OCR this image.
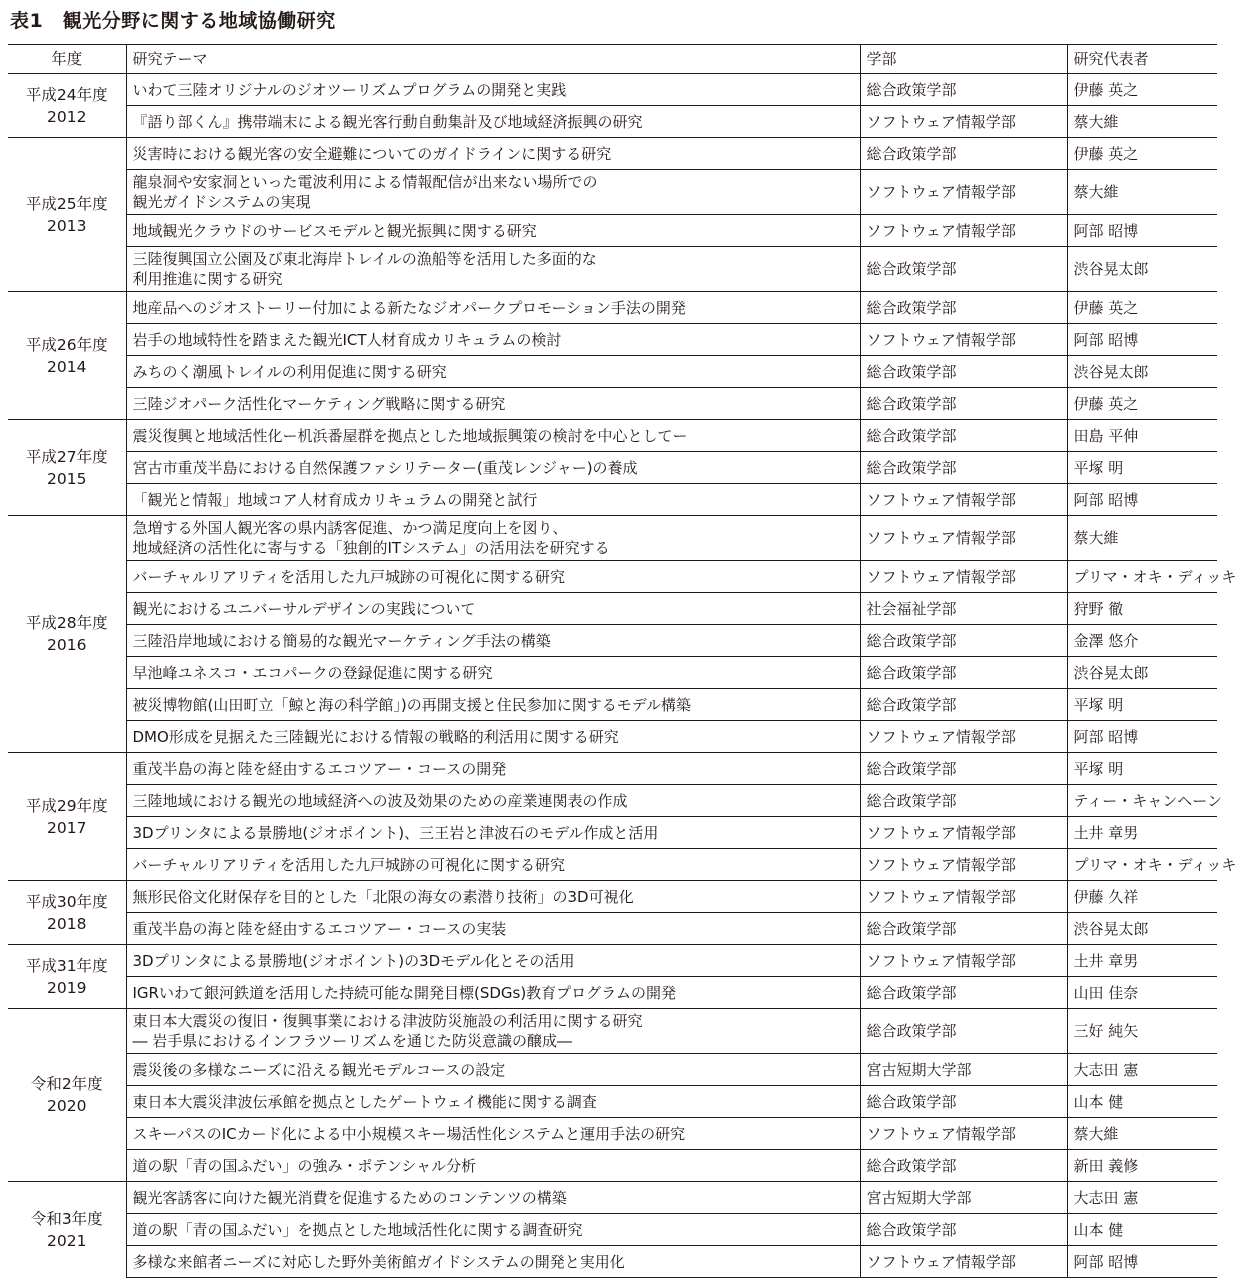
表1　観光分野に関する地域協働研究
年度	研究テーマ	学部	研究代表者

平成24年度
2012	いわて三陸オリジナルのジオツーリズムプログラムの開発と実践	総合政策学部	伊藤 英之

	『語り部くん』携帯端末による観光客行動自動集計及び地域経済振興の研究	ソフトウェア情報学部	蔡大維

平成25年度
2013	災害時における観光客の安全避難についてのガイドラインに関する研究	総合政策学部	伊藤 英之

	龍泉洞や安家洞といった電波利用による情報配信が出来ない場所での
観光ガイドシステムの実現	ソフトウェア情報学部	蔡大維

	地域観光クラウドのサービスモデルと観光振興に関する研究	ソフトウェア情報学部	阿部 昭博

	三陸復興国立公園及び東北海岸トレイルの漁船等を活用した多面的な
利用推進に関する研究	総合政策学部	渋谷晃太郎

平成26年度
2014	地産品へのジオストーリー付加による新たなジオパークプロモーション手法の開発	総合政策学部	伊藤 英之

	岩手の地域特性を踏まえた観光ICT人材育成カリキュラムの検討	ソフトウェア情報学部	阿部 昭博

	みちのく潮風トレイルの利用促進に関する研究	総合政策学部	渋谷晃太郎

	三陸ジオパーク活性化マーケティング戦略に関する研究	総合政策学部	伊藤 英之

平成27年度
2015	震災復興と地域活性化ー机浜番屋群を拠点とした地域振興策の検討を中心としてー	総合政策学部	田島 平伸

	宮古市重茂半島における自然保護ファシリテーター(重茂レンジャー)の養成	総合政策学部	平塚 明

	「観光と情報」地域コア人材育成カリキュラムの開発と試行	ソフトウェア情報学部	阿部 昭博

平成28年度
2016	急増する外国人観光客の県内誘客促進、かつ満足度向上を図り、
地域経済の活性化に寄与する「独創的ITシステム」の活用法を研究する	ソフトウェア情報学部	蔡大維

	バーチャルリアリティを活用した九戸城跡の可視化に関する研究	ソフトウェア情報学部	プリマ・オキ・ディッキ

	観光におけるユニバーサルデザインの実践について	社会福祉学部	狩野 徹

	三陸沿岸地域における簡易的な観光マーケティング手法の構築	総合政策学部	金澤 悠介

	早池峰ユネスコ・エコパークの登録促進に関する研究	総合政策学部	渋谷晃太郎

	被災博物館(山田町立「鯨と海の科学館」)の再開支援と住民参加に関するモデル構築	総合政策学部	平塚 明

	DMO形成を見据えた三陸観光における情報の戦略的利活用に関する研究	ソフトウェア情報学部	阿部 昭博

平成29年度
2017	重茂半島の海と陸を経由するエコツアー・コースの開発	総合政策学部	平塚 明

	三陸地域における観光の地域経済への波及効果のための産業連関表の作成	総合政策学部	ティー・キャンヘーン

	3Dプリンタによる景勝地(ジオポイント)、三王岩と津波石のモデル作成と活用	ソフトウェア情報学部	土井 章男

	バーチャルリアリティを活用した九戸城跡の可視化に関する研究	ソフトウェア情報学部	プリマ・オキ・ディッキ

平成30年度
2018	無形民俗文化財保存を目的とした「北限の海女の素潜り技術」の3D可視化	ソフトウェア情報学部	伊藤 久祥

	重茂半島の海と陸を経由するエコツアー・コースの実装	総合政策学部	渋谷晃太郎

平成31年度
2019	3Dプリンタによる景勝地(ジオポイント)の3Dモデル化とその活用	ソフトウェア情報学部	土井 章男

	IGRいわて銀河鉄道を活用した持続可能な開発目標(SDGs)教育プログラムの開発	総合政策学部	山田 佳奈

令和2年度
2020	東日本大震災の復旧・復興事業における津波防災施設の利活用に関する研究
― 岩手県におけるインフラツーリズムを通じた防災意識の醸成―	総合政策学部	三好 純矢

	震災後の多様なニーズに沿える観光モデルコースの設定	宮古短期大学部	大志田 憲

	東日本大震災津波伝承館を拠点としたゲートウェイ機能に関する調査	総合政策学部	山本 健

	スキーパスのICカード化による中小規模スキー場活性化システムと運用手法の研究	ソフトウェア情報学部	蔡大維

	道の駅「青の国ふだい」の強み・ポテンシャル分析	総合政策学部	新田 義修

令和3年度
2021	観光客誘客に向けた観光消費を促進するためのコンテンツの構築	宮古短期大学部	大志田 憲

	道の駅「青の国ふだい」を拠点とした地域活性化に関する調査研究	総合政策学部	山本 健

	多様な来館者ニーズに対応した野外美術館ガイドシステムの開発と実用化	ソフトウェア情報学部	阿部 昭博
